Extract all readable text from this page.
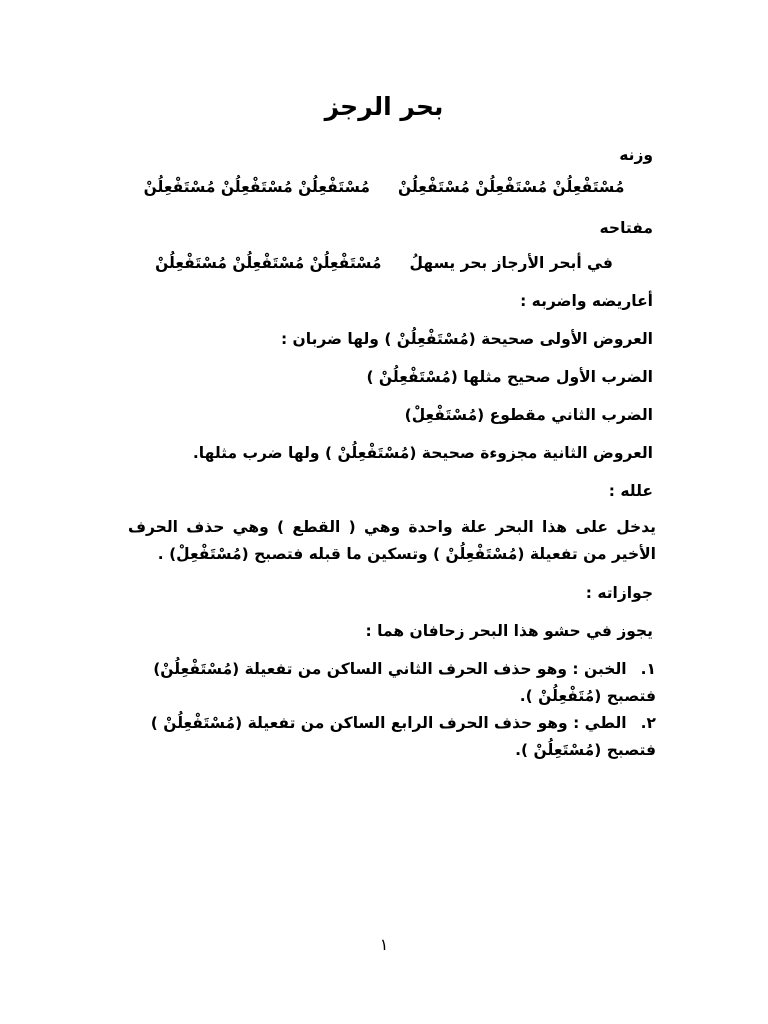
بحر الرجز
وزنه
مُسْتَفْعِلُنْ مُسْتَفْعِلُنْ مُسْتَفْعِلُنْمُسْتَفْعِلُنْ مُسْتَفْعِلُنْ مُسْتَفْعِلُنْ
مفتاحه
في أبحر الأرجاز بحر يسهلُمُسْتَفْعِلُنْ مُسْتَفْعِلُنْ مُسْتَفْعِلُنْ
أعاريضه واضربه :
العروض الأولى صحيحة (مُسْتَفْعِلُنْ ) ولها ضربان :
الضرب الأول صحيح مثلها (مُسْتَفْعِلُنْ )
الضرب الثاني مقطوع (مُسْتَفْعِلْ)
العروض الثانية مجزوءة صحيحة (مُسْتَفْعِلُنْ ) ولها ضرب مثلها.
علله :
يدخل على هذا البحر علة واحدة وهي ( القطع ) وهي حذف الحرف الأخير من تفعيلة (مُسْتَفْعِلُنْ ) وتسكين ما قبله فتصبح (مُسْتَفْعِلْ) .
جوازاته :
يجوز في حشو هذا البحر زحافان هما :
١. الخبن : وهو حذف الحرف الثاني الساكن من تفعيلة (مُسْتَفْعِلُنْ) فتصبح (مُتَفْعِلُنْ ).
٢. الطي : وهو حذف الحرف الرابع الساكن من تفعيلة (مُسْتَفْعِلُنْ ) فتصبح (مُسْتَعِلُنْ ).
١
